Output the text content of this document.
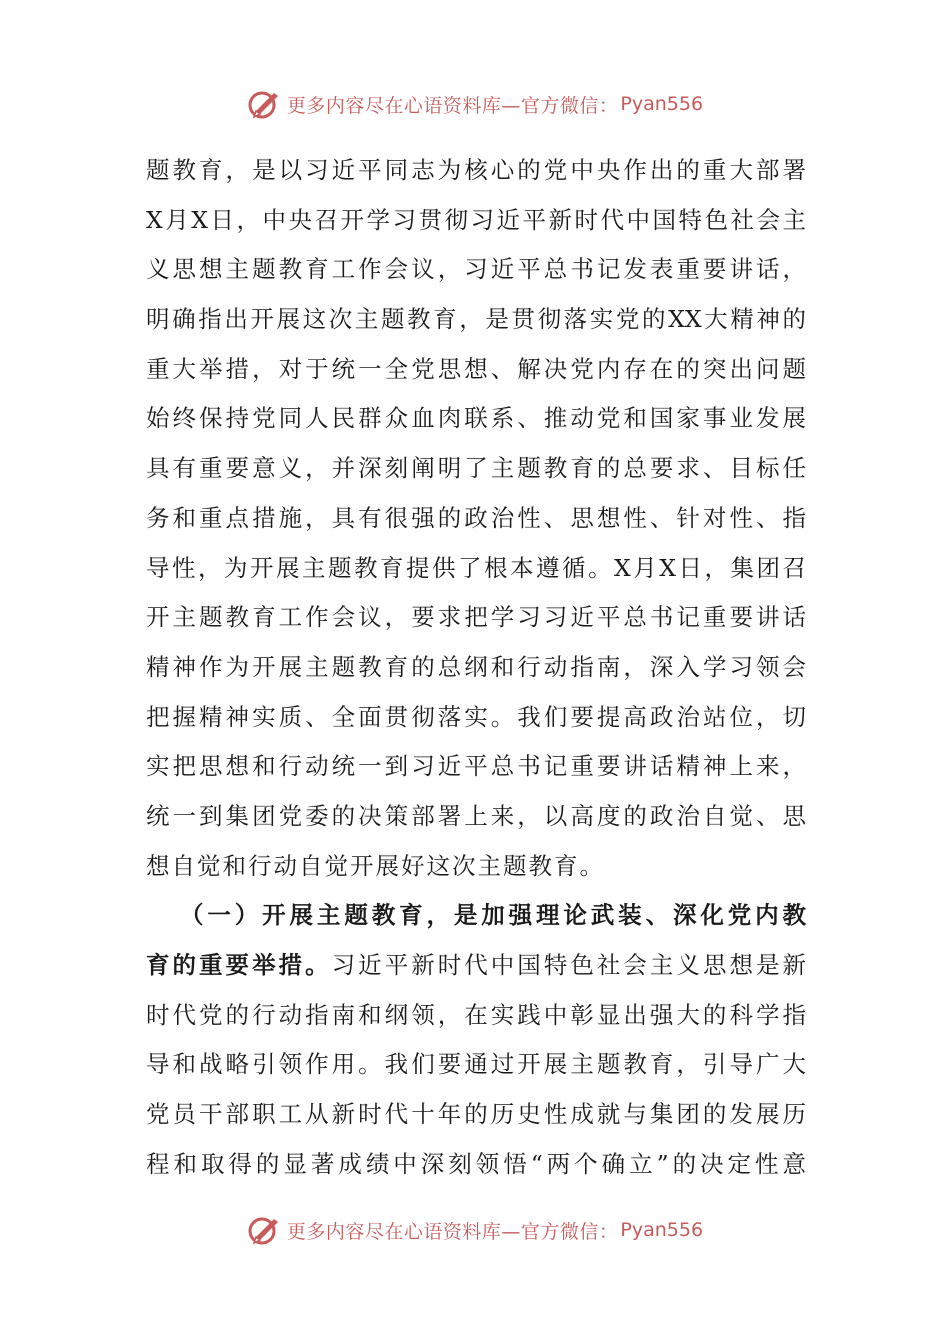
更多内容尽在心语资料库—官方微信： Pyan556
题教育，是以习近平同志为核心的党中央作出的重大部署
X月X日，中央召开学习贯彻习近平新时代中国特色社会主
义思想主题教育工作会议，习近平总书记发表重要讲话，
明确指出开展这次主题教育，是贯彻落实党的XX大精神的
重大举措，对于统一全党思想、解决党内存在的突出问题
始终保持党同人民群众血肉联系、推动党和国家事业发展
具有重要意义，并深刻阐明了主题教育的总要求、目标任
务和重点措施，具有很强的政治性、思想性、针对性、指
导性，为开展主题教育提供了根本遵循。X月X日，集团召
开主题教育工作会议，要求把学习习近平总书记重要讲话
精神作为开展主题教育的总纲和行动指南，深入学习领会
把握精神实质、全面贯彻落实。我们要提高政治站位，切
实把思想和行动统一到习近平总书记重要讲话精神上来，
统一到集团党委的决策部署上来，以高度的政治自觉、思
想自觉和行动自觉开展好这次主题教育。
（一）开展主题教育，是加强理论武装、深化党内教
育的重要举措。习近平新时代中国特色社会主义思想是新
时代党的行动指南和纲领，在实践中彰显出强大的科学指
导和战略引领作用。我们要通过开展主题教育，引导广大
党员干部职工从新时代十年的历史性成就与集团的发展历
程和取得的显著成绩中深刻领悟“两个确立”的决定性意
更多内容尽在心语资料库—官方微信： Pyan556
